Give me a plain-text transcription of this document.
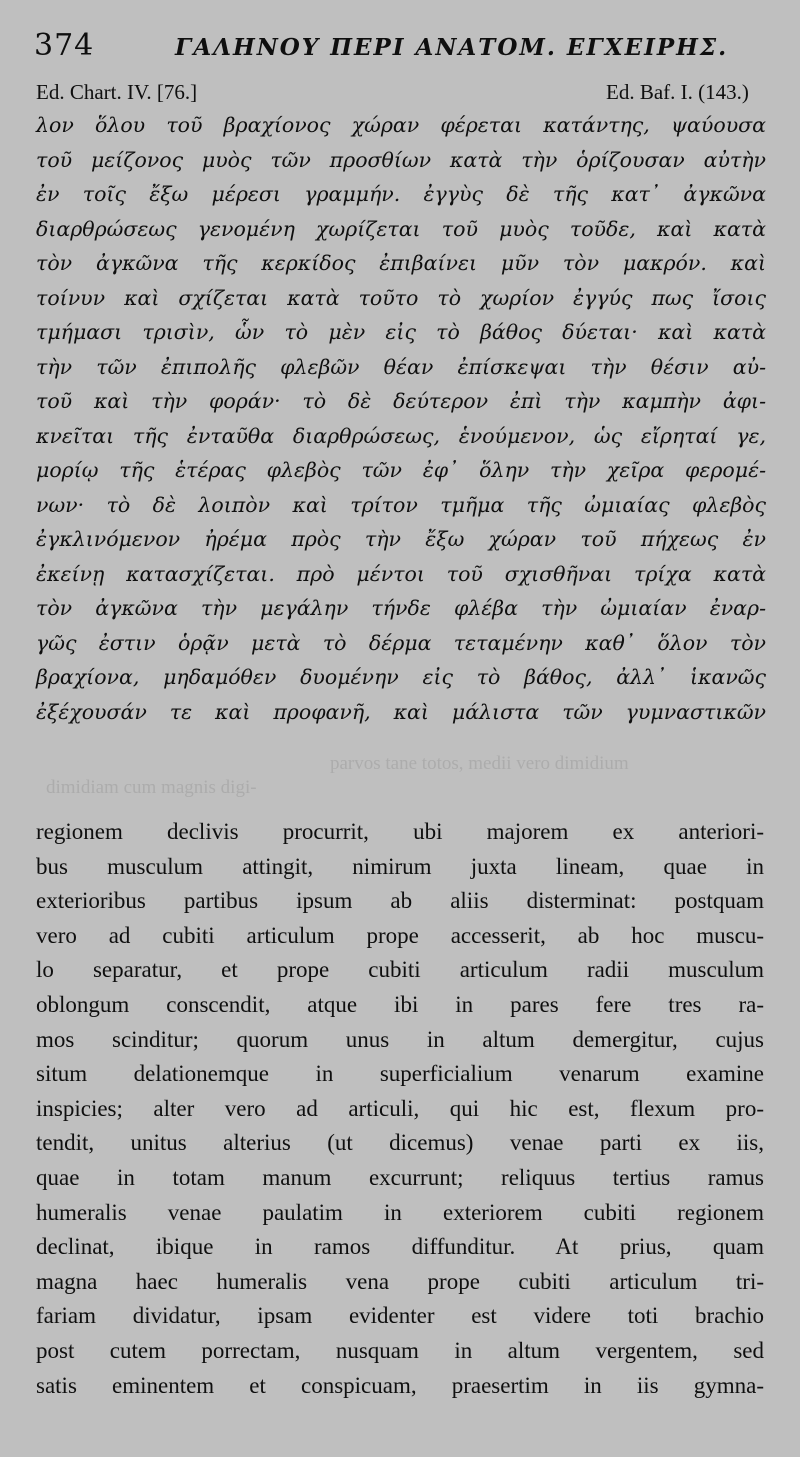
374	ΓΑΛΗΝΟΥ ΠΕΡΙ ΑΝΑΤΟΜ. ΕΓΧΕΙΡΗΣ.
Ed. Chart. IV. [76.]	Ed. Baf. I. (143.)
λον ὅλου τοῦ βραχίονος χώραν φέρεται κατάντης, ψαύουσα
τοῦ μείζονος μυὸς τῶν προσθίων κατὰ τὴν ὁρίζουσαν αὐτὴν
ἐν τοῖς ἔξω μέρεσι γραμμήν. ἐγγὺς δὲ τῆς κατ᾽ ἀγκῶνα
διαρθρώσεως γενομένη χωρίζεται τοῦ μυὸς τοῦδε, καὶ κατὰ
τὸν ἀγκῶνα τῆς κερκίδος ἐπιβαίνει μῦν τὸν μακρόν. καὶ
τοίνυν καὶ σχίζεται κατὰ τοῦτο τὸ χωρίον ἐγγύς πως ἴσοις
τμήμασι τρισὶν, ὧν τὸ μὲν εἰς τὸ βάθος δύεται· καὶ κατὰ
τὴν τῶν ἐπιπολῆς φλεβῶν θέαν ἐπίσκεψαι τὴν θέσιν αὐ-
τοῦ καὶ τὴν φοράν· τὸ δὲ δεύτερον ἐπὶ τὴν καμπὴν ἀφι-
κνεῖται τῆς ἐνταῦθα διαρθρώσεως, ἑνούμενον, ὡς εἴρηταί γε,
μορίῳ τῆς ἑτέρας φλεβὸς τῶν ἐφ᾽ ὅλην τὴν χεῖρα φερομέ-
νων· τὸ δὲ λοιπὸν καὶ τρίτον τμῆμα τῆς ὠμιαίας φλεβὸς
ἐγκλινόμενον ἠρέμα πρὸς τὴν ἔξω χώραν τοῦ πήχεως ἐν
ἐκείνῃ κατασχίζεται. πρὸ μέντοι τοῦ σχισθῆναι τρίχα κατὰ
τὸν ἀγκῶνα τὴν μεγάλην τήνδε φλέβα τὴν ὠμιαίαν ἐναρ-
γῶς ἐστιν ὁρᾷν μετὰ τὸ δέρμα τεταμένην καθ᾽ ὅλον τὸν
βραχίονα, μηδαμόθεν δυομένην εἰς τὸ βάθος, ἀλλ᾽ ἱκανῶς
ἐξέχουσάν τε καὶ προφανῆ, καὶ μάλιστα τῶν γυμναστικῶν
parvos tane totos, medii vero dimidium
dimidiam cum magnis digi-
regionem declivis procurrit, ubi majorem ex anteriori-
bus musculum attingit, nimirum juxta lineam, quae in
exterioribus partibus ipsum ab aliis disterminat: postquam
vero ad cubiti articulum prope accesserit, ab hoc muscu-
lo separatur, et prope cubiti articulum radii musculum
oblongum conscendit, atque ibi in pares fere tres ra-
mos scinditur; quorum unus in altum demergitur, cujus
situm delationemque in superficialium venarum examine
inspicies; alter vero ad articuli, qui hic est, flexum pro-
tendit, unitus alterius (ut dicemus) venae parti ex iis,
quae in totam manum excurrunt; reliquus tertius ramus
humeralis venae paulatim in exteriorem cubiti regionem
declinat, ibique in ramos diffunditur. At prius, quam
magna haec humeralis vena prope cubiti articulum tri-
fariam dividatur, ipsam evidenter est videre toti brachio
post cutem porrectam, nusquam in altum vergentem, sed
satis eminentem et conspicuam, praesertim in iis gymna-
